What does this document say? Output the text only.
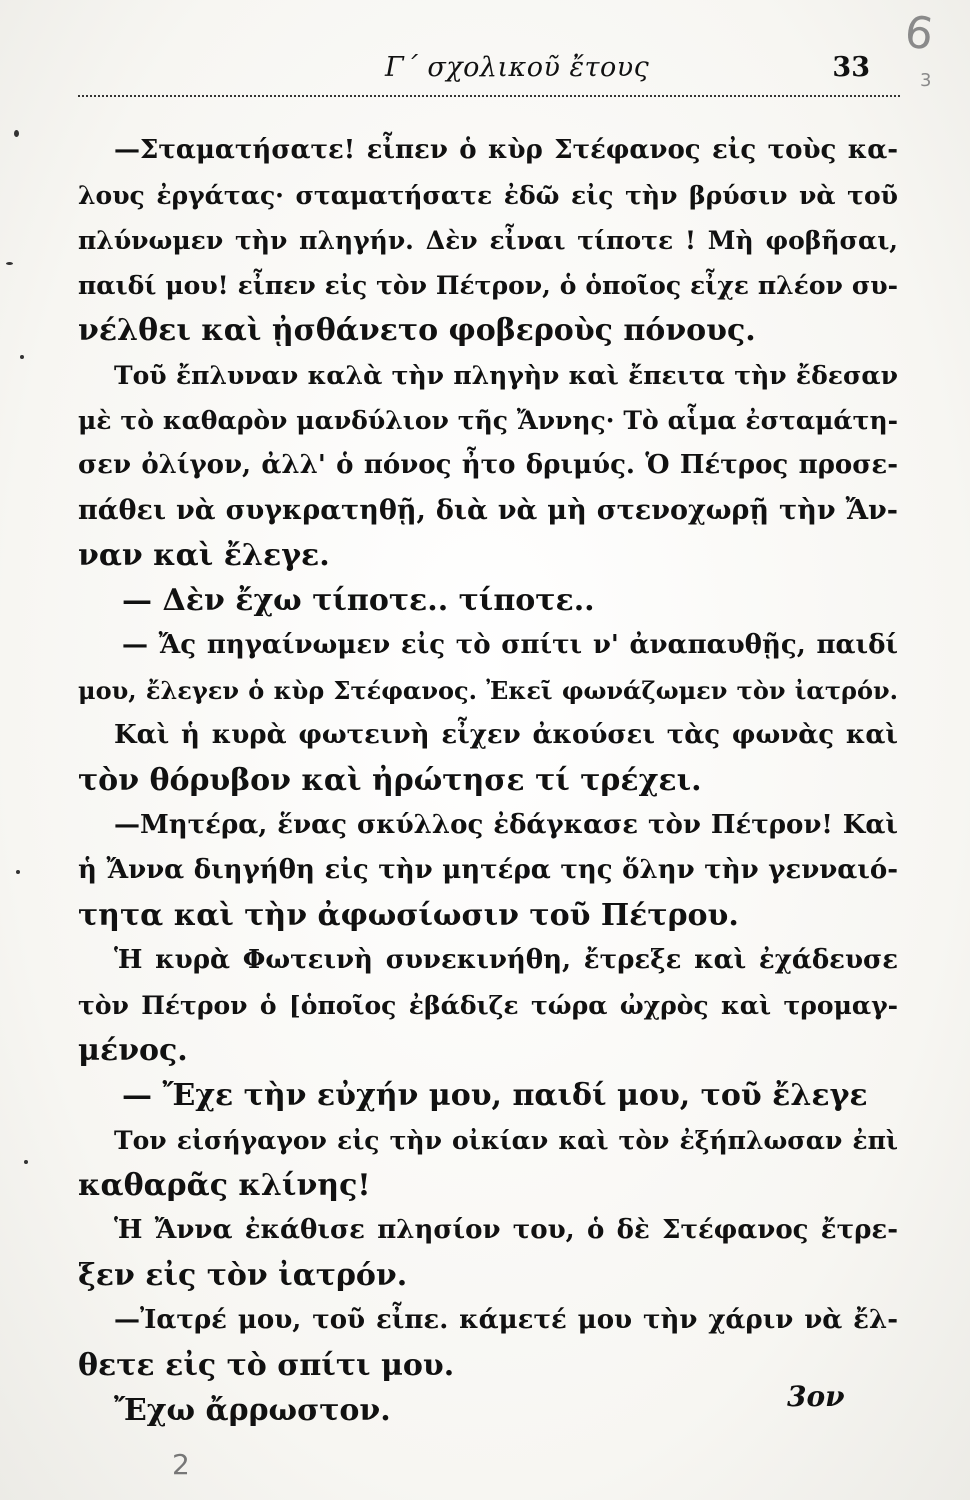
Γ΄ σχολικοῦ ἔτους	33
6
3
—Σταματήσατε! εἶπεν ὁ κὺρ Στέφανος εἰς τοὺς κα-
λους ἐργάτας· σταματήσατε ἐδῶ εἰς τὴν βρύσιν νὰ τοῦ
πλύνωμεν τὴν πληγήν. Δὲν εἶναι τίποτε ! Μὴ φοβῆσαι,
παιδί μου! εἶπεν εἰς τὸν Πέτρον, ὁ ὁποῖος εἶχε πλέον συ-
νέλθει καὶ ᾐσθάνετο φοβεροὺς πόνους.
Τοῦ ἔπλυναν καλὰ τὴν πληγὴν καὶ ἔπειτα τὴν ἔδεσαν
μὲ τὸ καθαρὸν μανδύλιον τῆς Ἄννης· Τὸ αἷμα ἐσταμάτη-
σεν ὀλίγον, ἀλλ' ὁ πόνος ἦτο δριμύς. Ὁ Πέτρος προσε-
πάθει νὰ συγκρατηθῇ, διὰ νὰ μὴ στενοχωρῇ τὴν Ἄν-
ναν καὶ ἔλεγε.
— Δὲν ἔχω τίποτε.. τίποτε..
— Ἄς πηγαίνωμεν εἰς τὸ σπίτι ν' ἀναπαυθῇς, παιδί
μου, ἔλεγεν ὁ κὺρ Στέφανος. Ἐκεῖ φωνάζωμεν τὸν ἰατρόν.
Καὶ ἡ κυρὰ φωτεινὴ εἶχεν ἀκούσει τὰς φωνὰς καὶ
τὸν θόρυβον καὶ ἠρώτησε τί τρέχει.
—Μητέρα, ἕνας σκύλλος ἐδάγκασε τὸν Πέτρον! Καὶ
ἡ Ἄννα διηγήθη εἰς τὴν μητέρα της ὅλην τὴν γενναιό-
τητα καὶ τὴν ἀφωσίωσιν τοῦ Πέτρου.
Ἡ κυρὰ Φωτεινὴ συνεκινήθη, ἔτρεξε καὶ ἐχάδευσε
τὸν Πέτρον ὁ [ὁποῖος ἐβάδιζε τώρα ὠχρὸς καὶ τρομαγ-
μένος.
— Ἔχε τὴν εὐχήν μου, παιδί μου, τοῦ ἔλεγε
Τον εἰσήγαγον εἰς τὴν οἰκίαν καὶ τὸν ἐξήπλωσαν ἐπὶ
καθαρᾶς κλίνης!
Ἡ Ἄννα ἐκάθισε πλησίον του, ὁ δὲ Στέφανος ἔτρε-
ξεν εἰς τὸν ἰατρόν.
—Ἰατρέ μου, τοῦ εἶπε. κάμετέ μου τὴν χάριν νὰ ἔλ-
θετε εἰς τὸ σπίτι μου.
Ἔχω ἄρρωστον.	3ον
2
